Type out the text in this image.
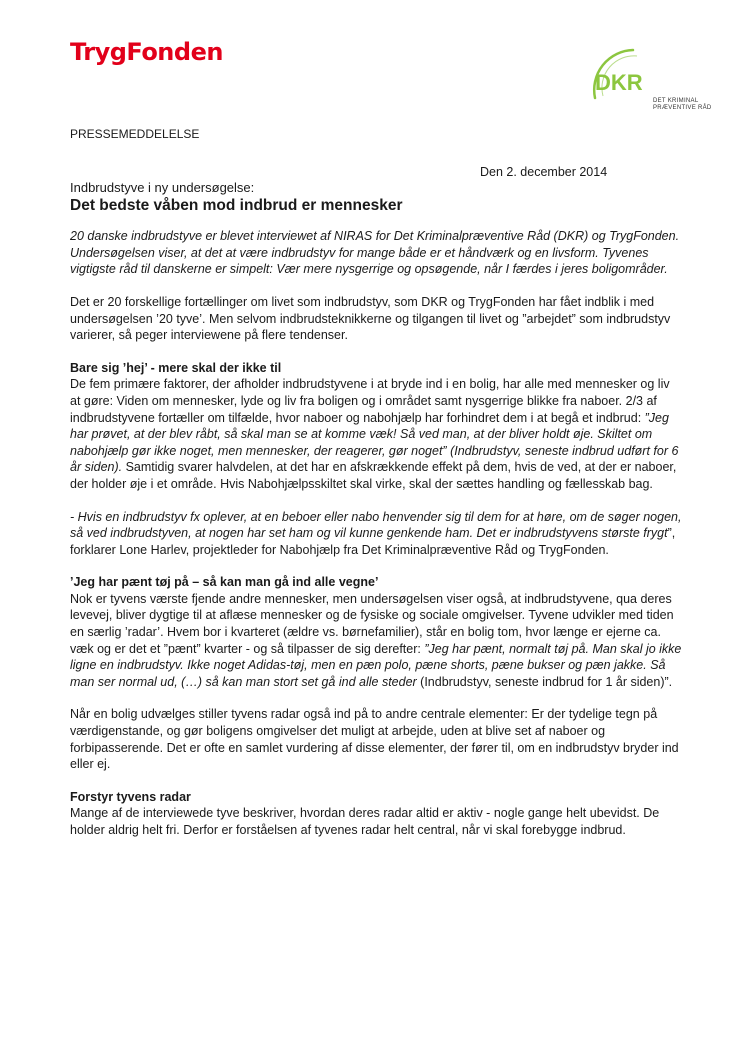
TrygFonden
DKR
DET KRIMINAL
PRÆVENTIVE RÅD
PRESSEMEDDELELSE
Den 2. december 2014
Indbrudstyve i ny undersøgelse:
Det bedste våben mod indbrud er mennesker

20 danske indbrudstyve er blevet interviewet af NIRAS for Det Kriminalpræventive Råd (DKR) og TrygFonden. Undersøgelsen viser, at det at være indbrudstyv for mange både er et håndværk og en livsform. Tyvenes vigtigste råd til danskerne er simpelt: Vær mere nysgerrige og opsøgende, når I færdes i jeres boligområder.

Det er 20 forskellige fortællinger om livet som indbrudstyv, som DKR og TrygFonden har fået indblik i med undersøgelsen ’20 tyve’. Men selvom indbrudsteknikkerne og tilgangen til livet og ”arbejdet” som indbrudstyv varierer, så peger interviewene på flere tendenser.

Bare sig ’hej’ - mere skal der ikke til

De fem primære faktorer, der afholder indbrudstyvene i at bryde ind i en bolig, har alle med mennesker og liv at gøre: Viden om mennesker, lyde og liv fra boligen og i området samt nysgerrige blikke fra naboer. 2/3 af indbrudstyvene fortæller om tilfælde, hvor naboer og nabohjælp har forhindret dem i at begå et indbrud: ”Jeg har prøvet, at der blev råbt, så skal man se at komme væk! Så ved man, at der bliver holdt øje. Skiltet om nabohjælp gør ikke noget, men mennesker, der reagerer, gør noget” (Indbrudstyv, seneste indbrud udført for 6 år siden). Samtidig svarer halvdelen, at det har en afskrækkende effekt på dem, hvis de ved, at der er naboer, der holder øje i et område. Hvis Nabohjælpsskiltet skal virke, skal der sættes handling og fællesskab bag.

- Hvis en indbrudstyv fx oplever, at en beboer eller nabo henvender sig til dem for at høre, om de søger nogen, så ved indbrudstyven, at nogen har set ham og vil kunne genkende ham. Det er indbrudstyvens største frygt”, forklarer Lone Harlev, projektleder for Nabohjælp fra Det Kriminalpræventive Råd og TrygFonden.

’Jeg har pænt tøj på – så kan man gå ind alle vegne’

Nok er tyvens værste fjende andre mennesker, men undersøgelsen viser også, at indbrudstyvene, qua deres levevej, bliver dygtige til at aflæse mennesker og de fysiske og sociale omgivelser. Tyvene udvikler med tiden en særlig ’radar’. Hvem bor i kvarteret (ældre vs. børnefamilier), står en bolig tom, hvor længe er ejerne ca. væk og er det et ”pænt” kvarter - og så tilpasser de sig derefter: ”Jeg har pænt, normalt tøj på. Man skal jo ikke ligne en indbrudstyv. Ikke noget Adidas-tøj, men en pæn polo, pæne shorts, pæne bukser og pæn jakke. Så man ser normal ud, (…) så kan man stort set gå ind alle steder (Indbrudstyv, seneste indbrud for 1 år siden)”.

Når en bolig udvælges stiller tyvens radar også ind på to andre centrale elementer: Er der tydelige tegn på værdigenstande, og gør boligens omgivelser det muligt at arbejde, uden at blive set af naboer og forbipasserende. Det er ofte en samlet vurdering af disse elementer, der fører til, om en indbrudstyv bryder ind eller ej.

Forstyr tyvens radar

Mange af de interviewede tyve beskriver, hvordan deres radar altid er aktiv - nogle gange helt ubevidst. De holder aldrig helt fri. Derfor er forståelsen af tyvenes radar helt central, når vi skal forebygge indbrud.
